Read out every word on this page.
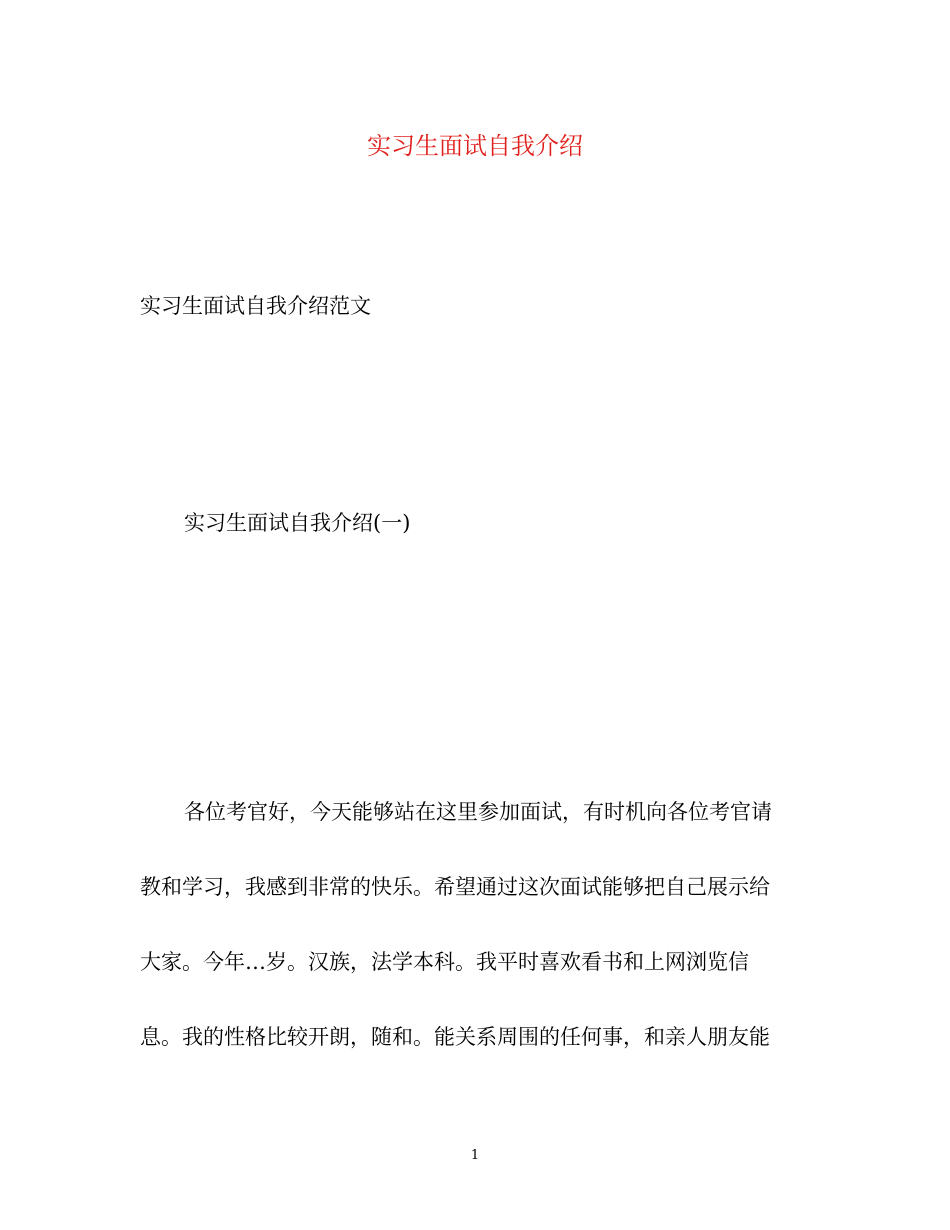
实习生面试自我介绍

实习生面试自我介绍范文

实习生面试自我介绍(一)

各位考官好，今天能够站在这里参加面试，有时机向各位考官请
教和学习，我感到非常的快乐。希望通过这次面试能够把自己展示给
大家。今年…岁。汉族，法学本科。我平时喜欢看书和上网浏览信
息。我的性格比较开朗，随和。能关系周围的任何事，和亲人朋友能
1
